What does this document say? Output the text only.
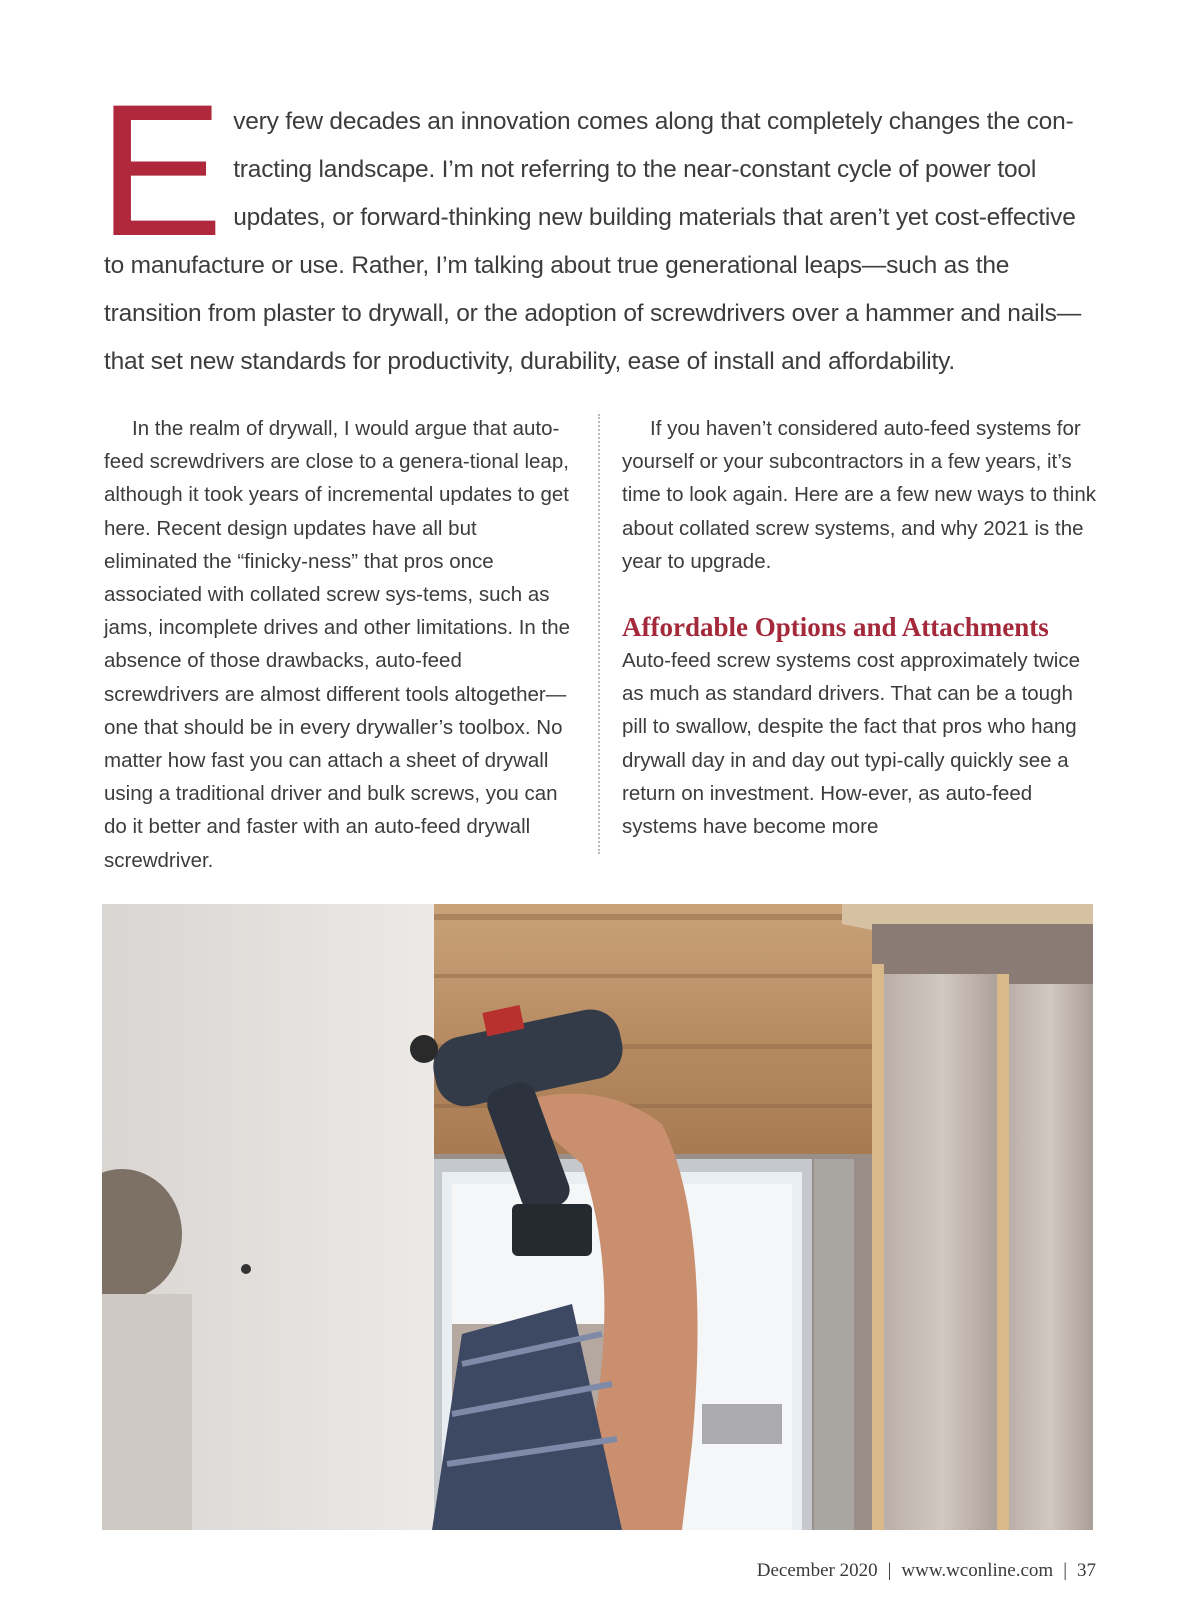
E very few decades an innovation comes along that completely changes the con-tracting landscape. I’m not referring to the near-constant cycle of power tool updates, or forward-thinking new building materials that aren’t yet cost-effective to manufacture or use. Rather, I’m talking about true generational leaps—such as the transition from plaster to drywall, or the adoption of screwdrivers over a hammer and nails—that set new standards for productivity, durability, ease of install and affordability.

In the realm of drywall, I would argue that auto-feed screwdrivers are close to a genera-tional leap, although it took years of incremental updates to get here. Recent design updates have all but eliminated the “finicky-ness” that pros once associated with collated screw sys-tems, such as jams, incomplete drives and other limitations. In the absence of those drawbacks, auto-feed screwdrivers are almost different tools altogether—one that should be in every drywaller’s toolbox. No matter how fast you can attach a sheet of drywall using a traditional driver and bulk screws, you can do it better and faster with an auto-feed drywall screwdriver.

If you haven’t considered auto-feed systems for yourself or your subcontractors in a few years, it’s time to look again. Here are a few new ways to think about collated screw systems, and why 2021 is the year to upgrade.

Affordable Options and Attachments

Auto-feed screw systems cost approximately twice as much as standard drivers. That can be a tough pill to swallow, despite the fact that pros who hang drywall day in and day out typi-cally quickly see a return on investment. How-ever, as auto-feed systems have become more

December 2020 | www.wconline.com | 37
